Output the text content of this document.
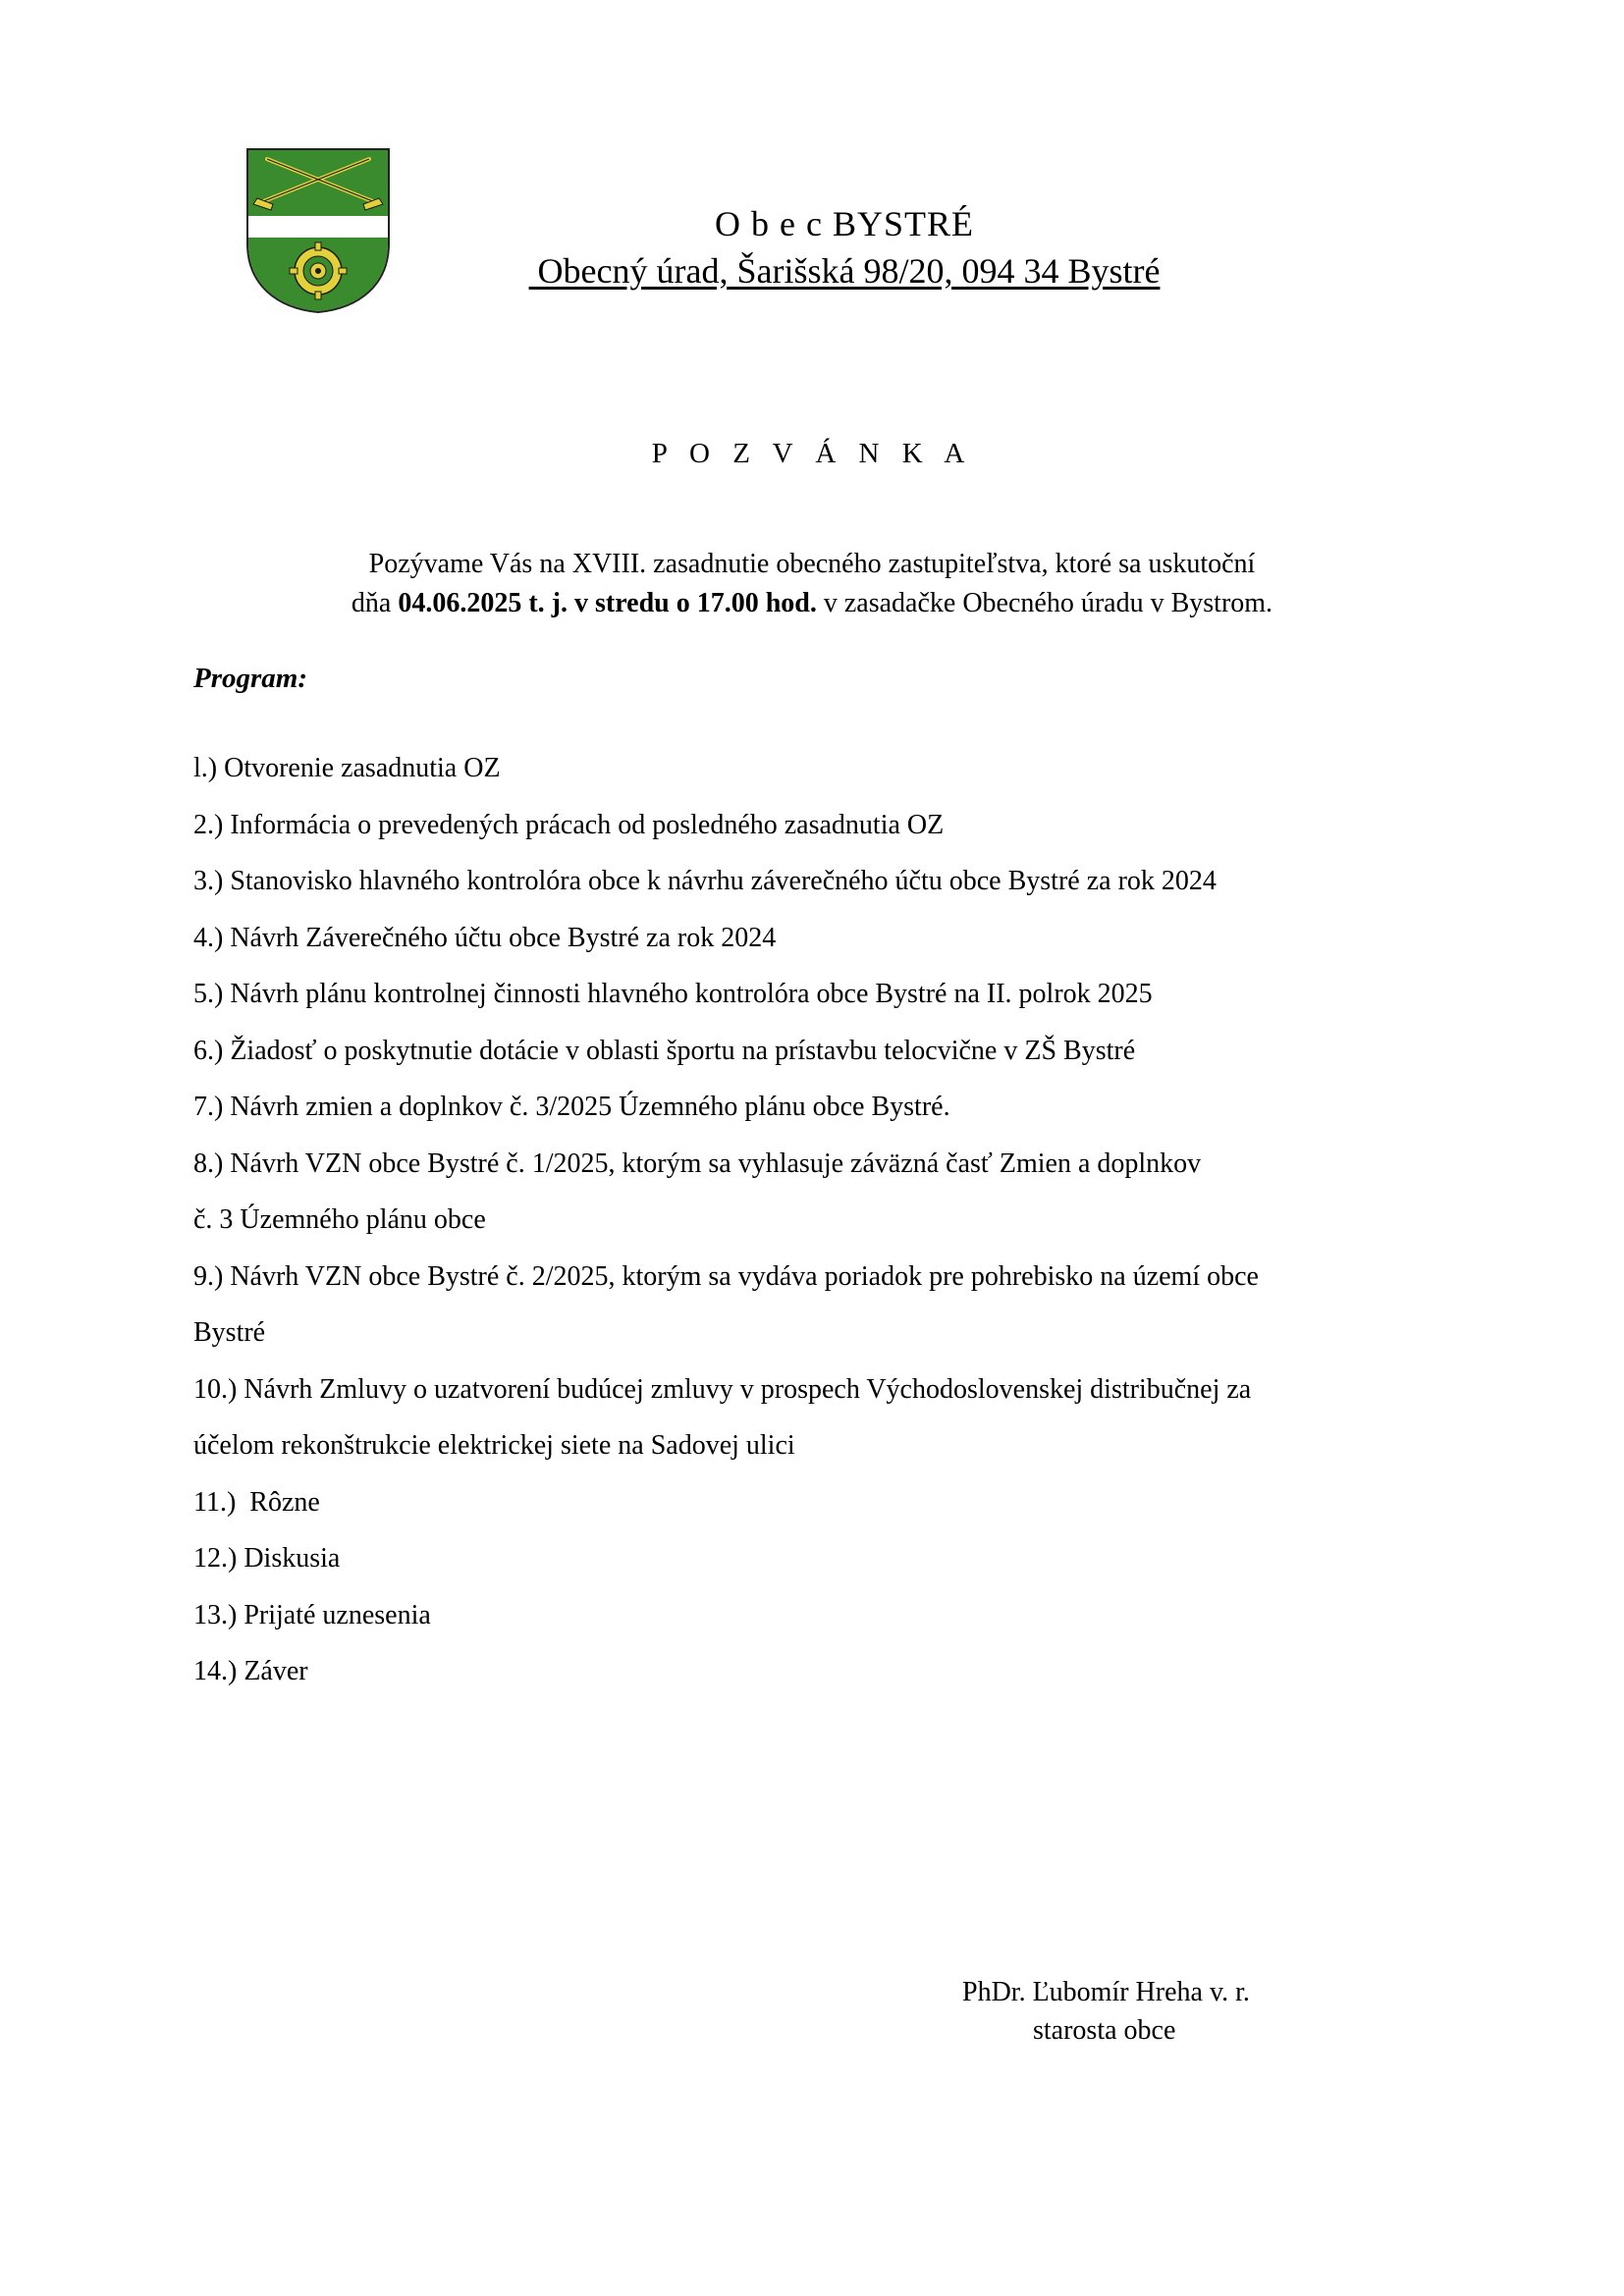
O b e c BYSTRÉ
Obecný úrad, Šarišská 98/20, 094 34 Bystré
P O Z V Á N K A
Pozývame Vás na XVIII. zasadnutie obecného zastupiteľstva, ktoré sa uskutoční
dňa 04.06.2025 t. j. v stredu o 17.00 hod. v zasadačke Obecného úradu v Bystrom.
Program:
l.) Otvorenie zasadnutia OZ
2.) Informácia o prevedených prácach od posledného zasadnutia OZ
3.) Stanovisko hlavného kontrolóra obce k návrhu záverečného účtu obce Bystré za rok 2024
4.) Návrh Záverečného účtu obce Bystré za rok 2024
5.) Návrh plánu kontrolnej činnosti hlavného kontrolóra obce Bystré na II. polrok 2025
6.) Žiadosť o poskytnutie dotácie v oblasti športu na prístavbu telocvične v ZŠ Bystré
7.) Návrh zmien a doplnkov č. 3/2025 Územného plánu obce Bystré.
8.) Návrh VZN obce Bystré č. 1/2025, ktorým sa vyhlasuje záväzná časť Zmien a doplnkov
č. 3 Územného plánu obce
9.) Návrh VZN obce Bystré č. 2/2025, ktorým sa vydáva poriadok pre pohrebisko na území obce
Bystré
10.) Návrh Zmluvy o uzatvorení budúcej zmluvy v prospech Východoslovenskej distribučnej za
účelom rekonštrukcie elektrickej siete na Sadovej ulici
11.)  Rôzne
12.) Diskusia
13.) Prijaté uznesenia
14.) Záver
PhDr. Ľubomír Hreha v. r.
starosta obce
